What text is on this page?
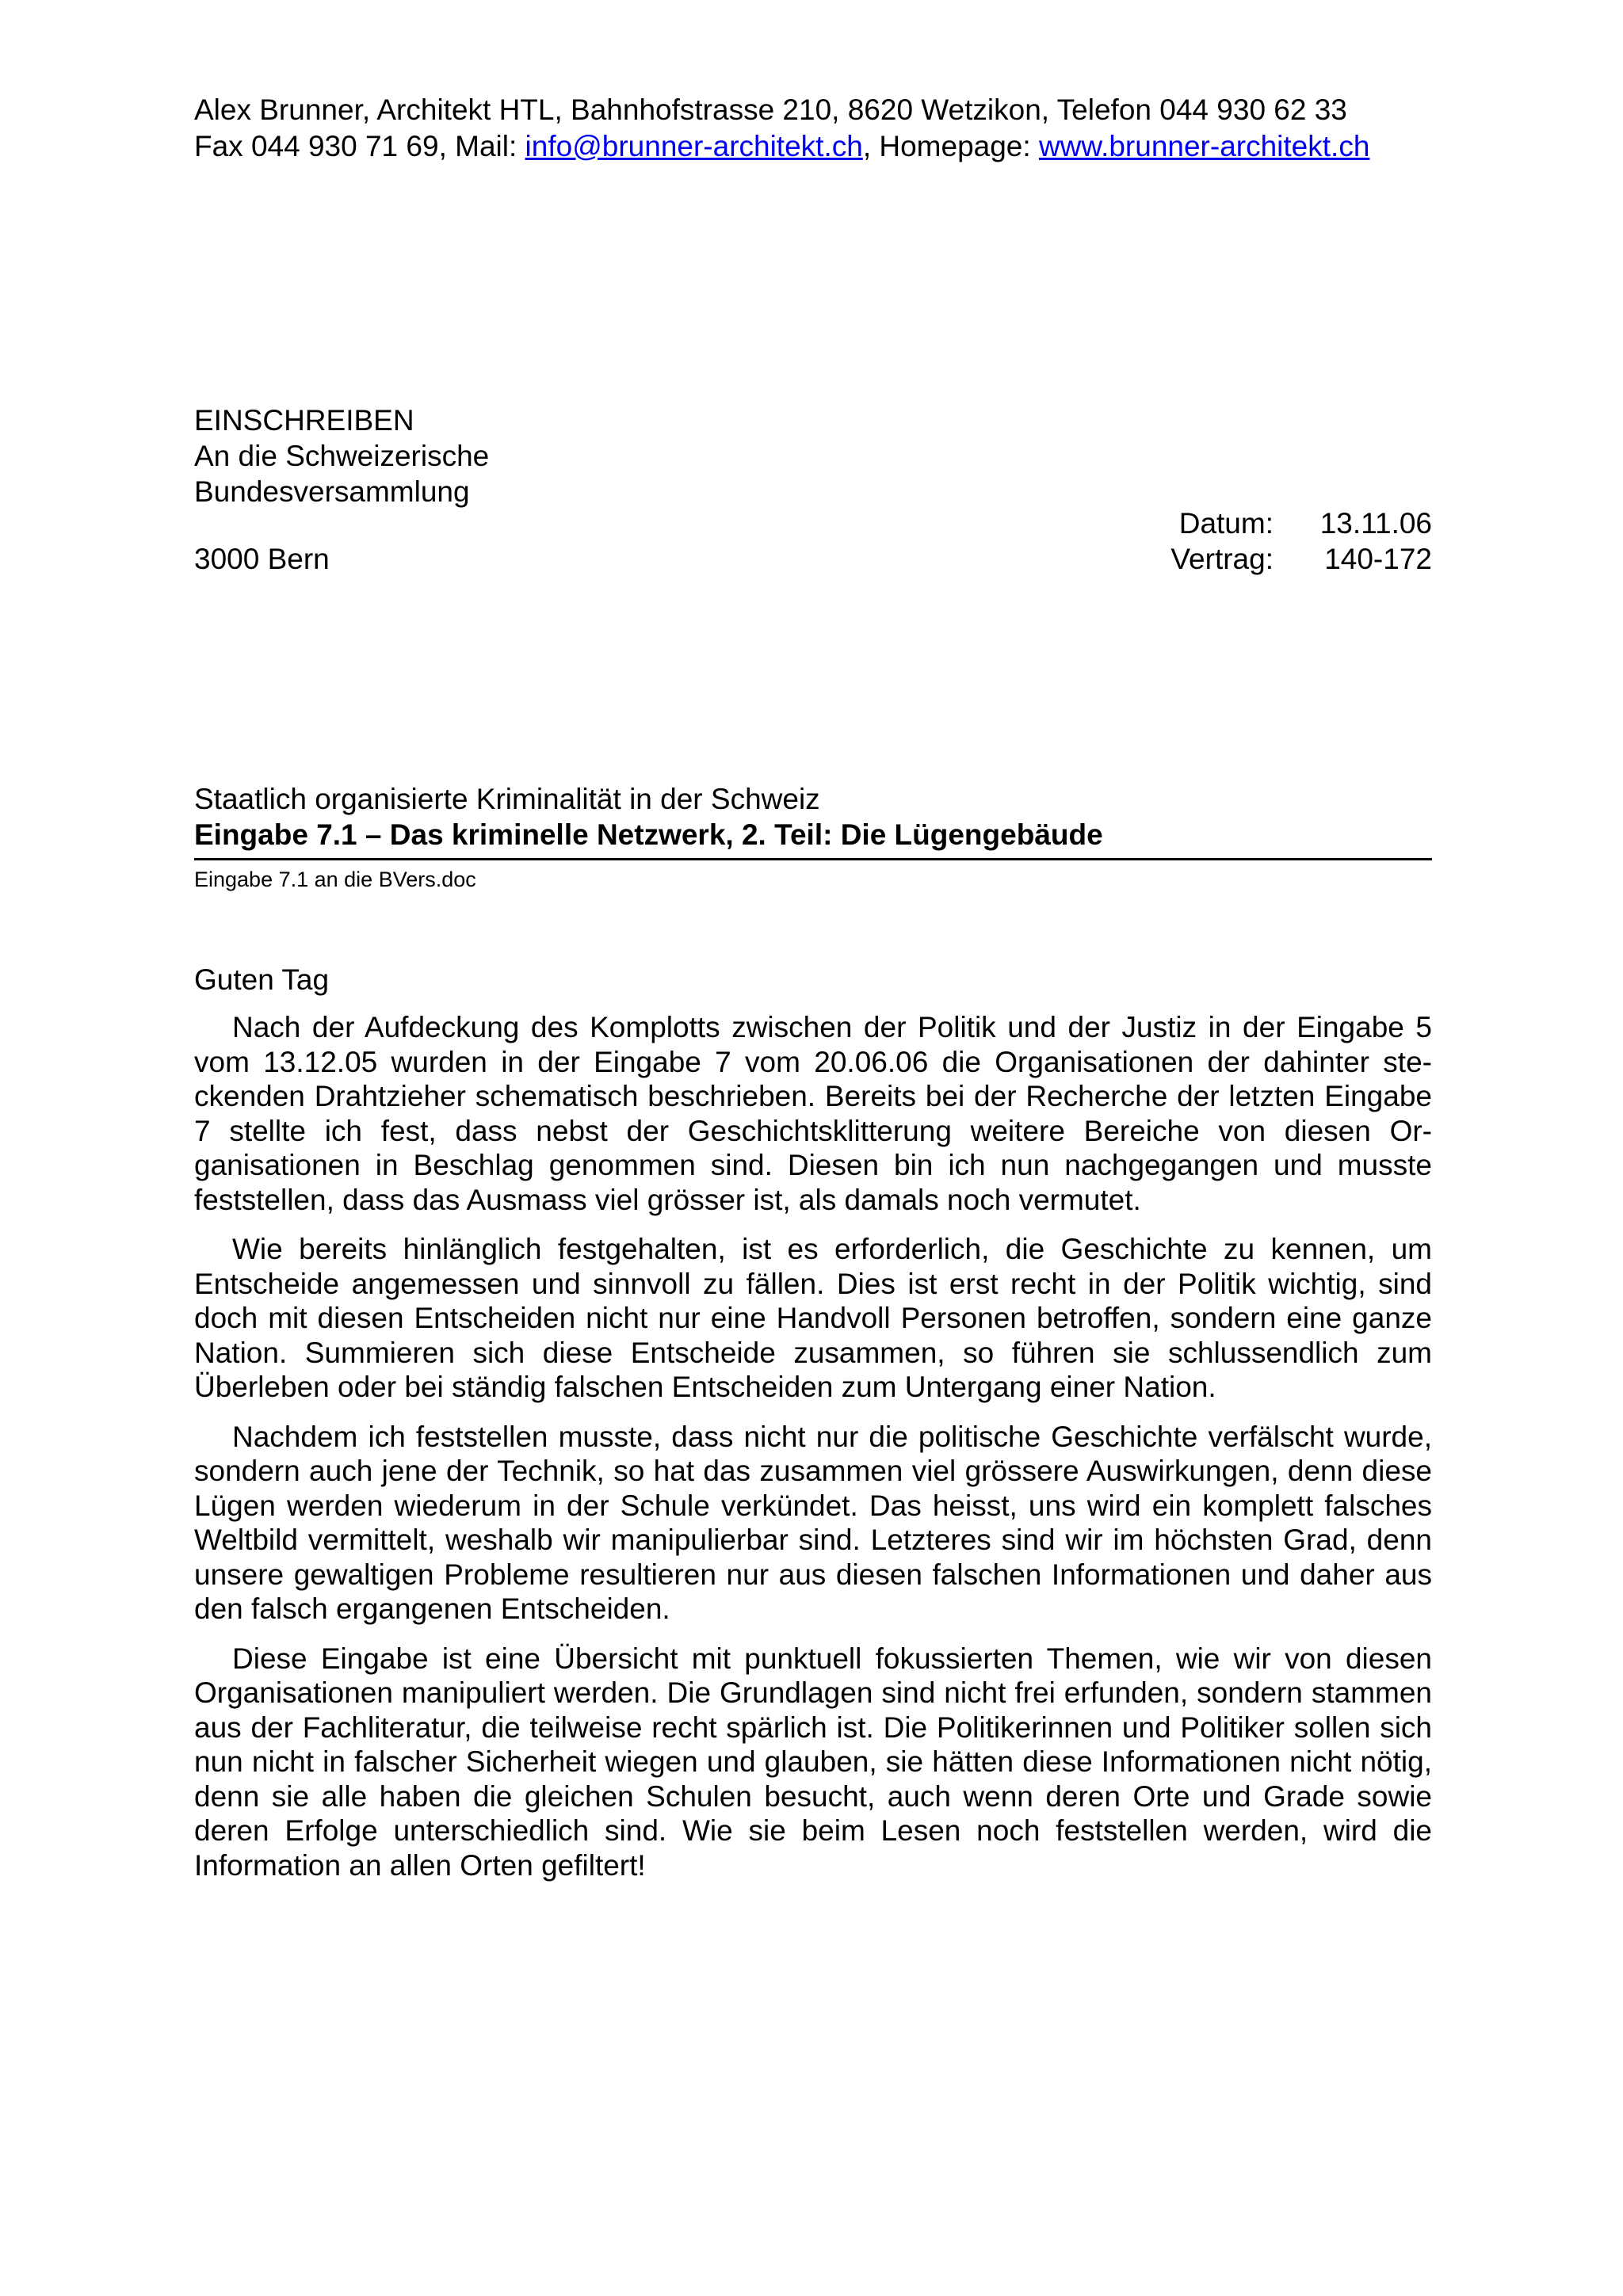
Alex Brunner, Architekt HTL, Bahnhofstrasse 210, 8620 Wetzikon, Telefon 044 930 62 33
Fax 044 930 71 69, Mail: info@brunner-architekt.ch, Homepage: www.brunner-architekt.ch
EINSCHREIBEN
An die Schweizerische
Bundesversammlung
3000 Bern
Datum:	13.11.06
Vertrag:	140-172
Staatlich organisierte Kriminalität in der Schweiz
Eingabe 7.1 – Das kriminelle Netzwerk, 2. Teil: Die Lügengebäude
Eingabe 7.1 an die BVers.doc
Guten Tag

Nach der Aufdeckung des Komplotts zwischen der Politik und der Justiz in der Eingabe 5 vom 13.12.05 wurden in der Eingabe 7 vom 20.06.06 die Organisationen der dahinter steckenden Drahtzieher schematisch beschrieben. Bereits bei der Recherche der letzten Eingabe 7 stellte ich fest, dass nebst der Geschichtsklitterung weitere Bereiche von diesen Organisationen in Beschlag genommen sind. Diesen bin ich nun nachgegangen und musste feststellen, dass das Ausmass viel grösser ist, als damals noch vermutet.

Wie bereits hinlänglich festgehalten, ist es erforderlich, die Geschichte zu kennen, um Entscheide angemessen und sinnvoll zu fällen. Dies ist erst recht in der Politik wichtig, sind doch mit diesen Entscheiden nicht nur eine Handvoll Personen betroffen, sondern eine ganze Nation. Summieren sich diese Entscheide zusammen, so führen sie schlussendlich zum Überleben oder bei ständig falschen Entscheiden zum Untergang einer Nation.

Nachdem ich feststellen musste, dass nicht nur die politische Geschichte verfälscht wurde, sondern auch jene der Technik, so hat das zusammen viel grössere Auswirkungen, denn diese Lügen werden wiederum in der Schule verkündet. Das heisst, uns wird ein komplett falsches Weltbild vermittelt, weshalb wir manipulierbar sind. Letzteres sind wir im höchsten Grad, denn unsere gewaltigen Probleme resultieren nur aus diesen falschen Informationen und daher aus den falsch ergangenen Entscheiden.

Diese Eingabe ist eine Übersicht mit punktuell fokussierten Themen, wie wir von diesen Organisationen manipuliert werden. Die Grundlagen sind nicht frei erfunden, sondern stammen aus der Fachliteratur, die teilweise recht spärlich ist. Die Politikerinnen und Politiker sollen sich nun nicht in falscher Sicherheit wiegen und glauben, sie hätten diese Informationen nicht nötig, denn sie alle haben die gleichen Schulen besucht, auch wenn deren Orte und Grade sowie deren Erfolge unterschiedlich sind. Wie sie beim Lesen noch feststellen werden, wird die Information an allen Orten gefiltert!
